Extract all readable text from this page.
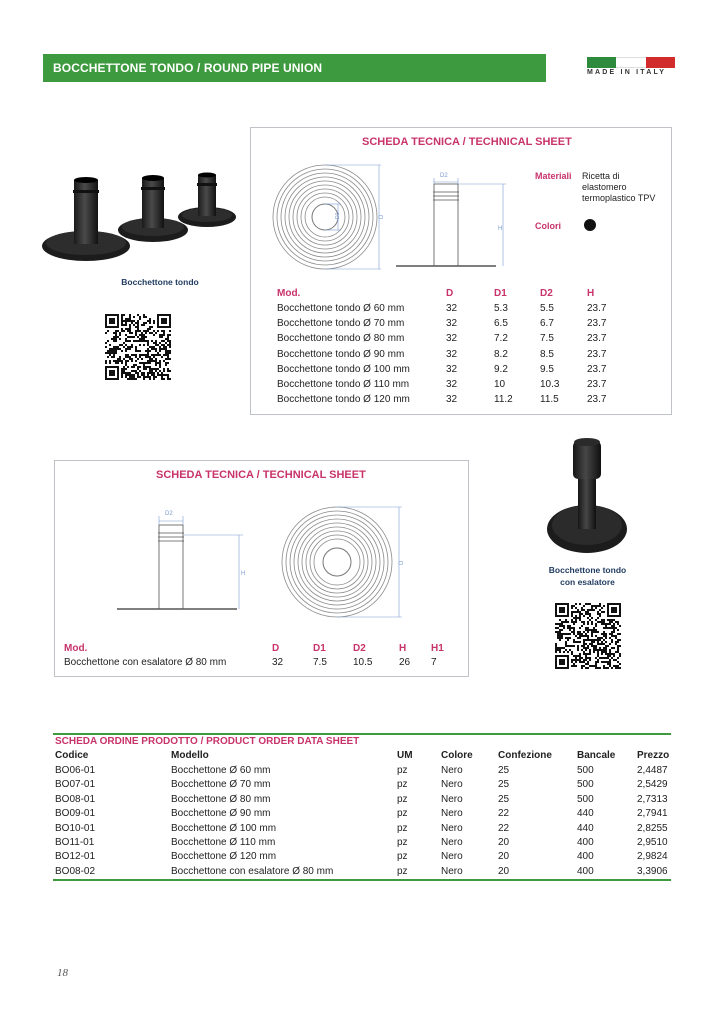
BOCCHETTONE TONDO / ROUND PIPE UNION	MADE IN ITALY
Bocchettone tondo
SCHEDA TECNICA / TECHNICAL SHEET
D1	D
D2
H
Materiali Ricetta di
elastomero
termoplastico TPV
Colori
Mod.	D	D1	D2	H
Bocchettone tondo Ø 60 mm	32	5.3	5.5	23.7
Bocchettone tondo Ø 70 mm	32	6.5	6.7	23.7
Bocchettone tondo Ø 80 mm	32	7.2	7.5	23.7
Bocchettone tondo Ø 90 mm	32	8.2	8.5	23.7
Bocchettone tondo Ø 100 mm	32	9.2	9.5	23.7
Bocchettone tondo Ø 110 mm	32	10	10.3	23.7
Bocchettone tondo Ø 120 mm	32	11.2	11.5	23.7
SCHEDA TECNICA / TECHNICAL SHEET
D2
H
D
Mod.	D	D1	D2	H H1
Bocchettone con esalatore Ø 80 mm	32	7.5	10.5	26 7
Bocchettone tondo
con esalatore
SCHEDA ORDINE PRODOTTO / PRODUCT ORDER DATA SHEET
Codice	Modello	UM	Colore	Confezione	Bancale Prezzo
BO06-01	Bocchettone Ø 60 mm	pz	Nero	25	500	2,4487
BO07-01	Bocchettone Ø 70 mm	pz	Nero	25	500	2,5429
BO08-01	Bocchettone Ø 80 mm	pz	Nero	25	500	2,7313
BO09-01	Bocchettone Ø 90 mm	pz	Nero	22	440	2,7941
BO10-01	Bocchettone Ø 100 mm	pz	Nero	22	440	2,8255
BO11-01	Bocchettone Ø 110 mm	pz	Nero	20	400	2,9510
BO12-01	Bocchettone Ø 120 mm	pz	Nero	20	400	2,9824
BO08-02	Bocchettone con esalatore Ø 80 mm	pz	Nero	20	400	3,3906
18
